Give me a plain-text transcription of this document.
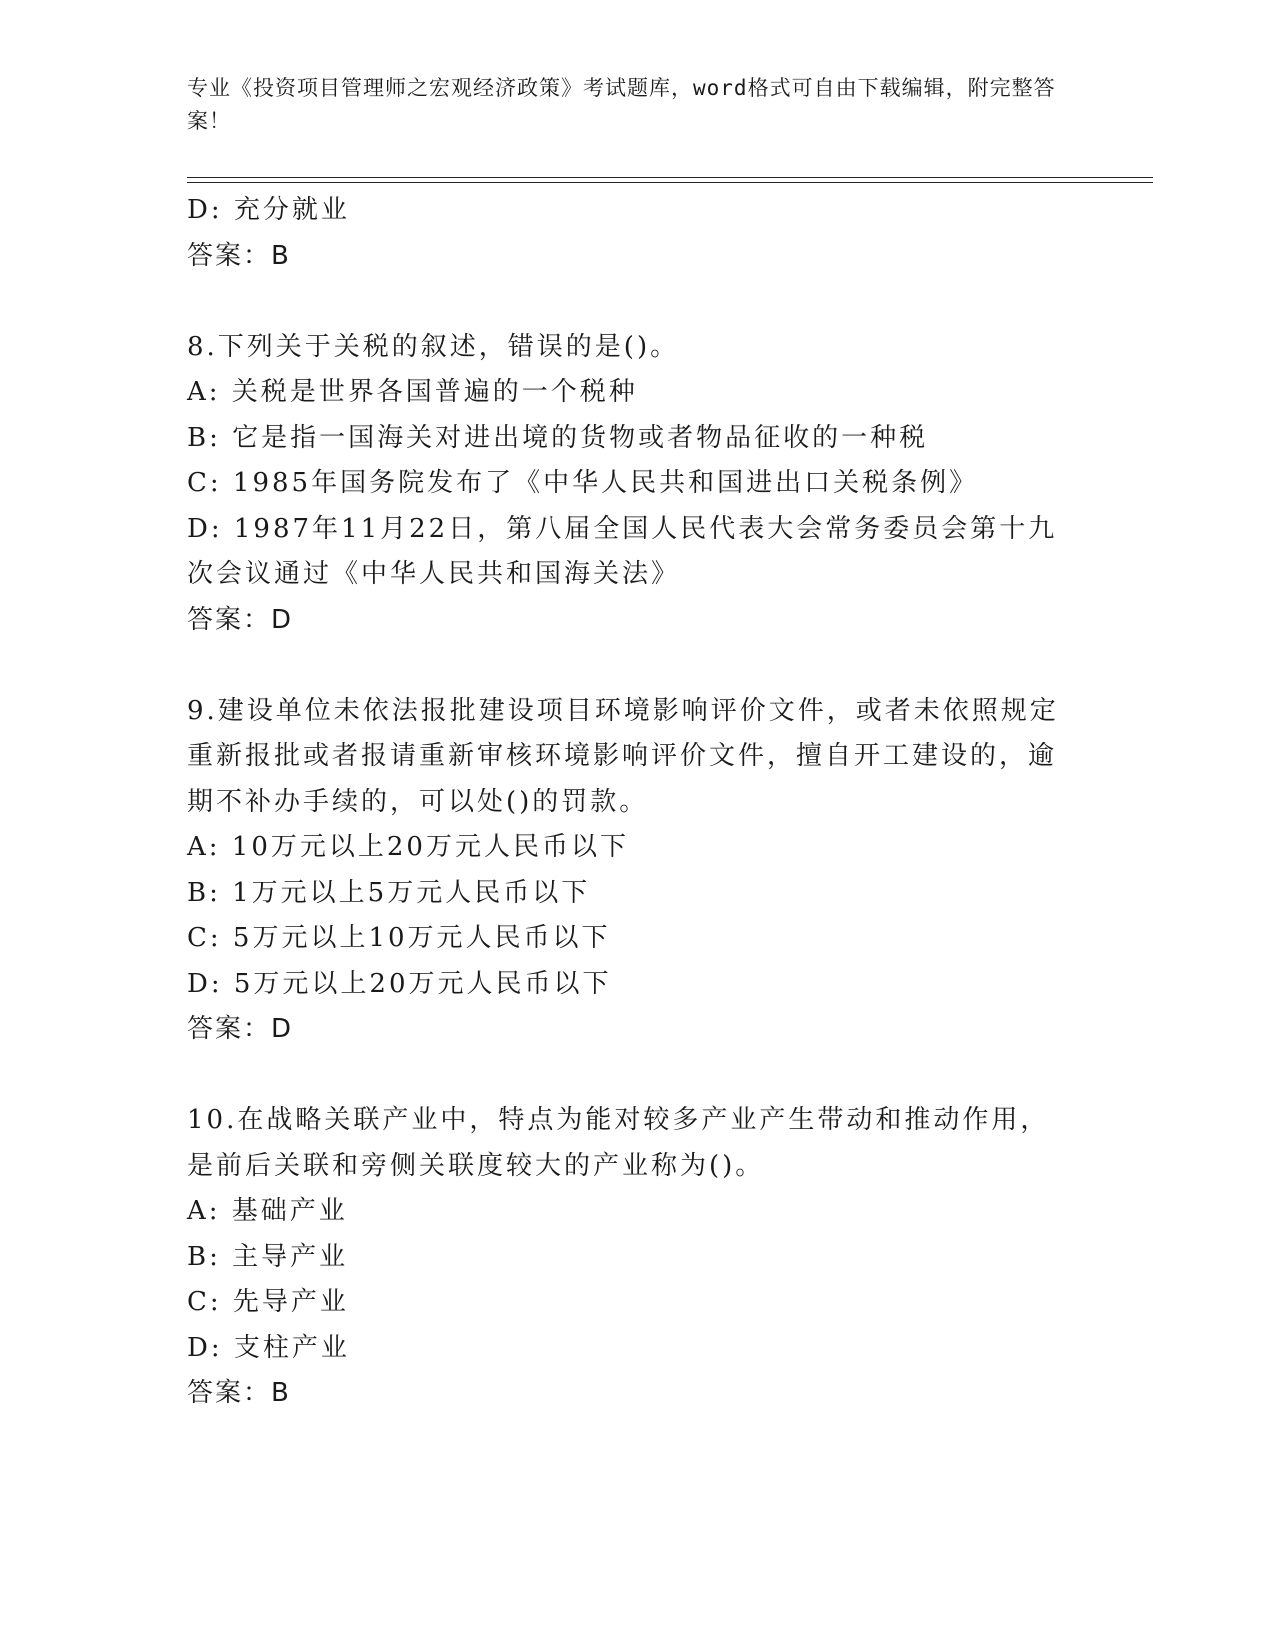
专业《投资项目管理师之宏观经济政策》考试题库，word格式可自由下载编辑，附完整答案！
D: 充分就业
答案：B
8.下列关于关税的叙述，错误的是()。
A: 关税是世界各国普遍的一个税种
B: 它是指一国海关对进出境的货物或者物品征收的一种税
C: 1985年国务院发布了《中华人民共和国进出口关税条例》
D: 1987年11月22日，第八届全国人民代表大会常务委员会第十九次会议通过《中华人民共和国海关法》
答案：D
9.建设单位未依法报批建设项目环境影响评价文件，或者未依照规定重新报批或者报请重新审核环境影响评价文件，擅自开工建设的，逾期不补办手续的，可以处()的罚款。
A: 10万元以上20万元人民币以下
B: 1万元以上5万元人民币以下
C: 5万元以上10万元人民币以下
D: 5万元以上20万元人民币以下
答案：D
10.在战略关联产业中，特点为能对较多产业产生带动和推动作用，是前后关联和旁侧关联度较大的产业称为()。
A: 基础产业
B: 主导产业
C: 先导产业
D: 支柱产业
答案：B
